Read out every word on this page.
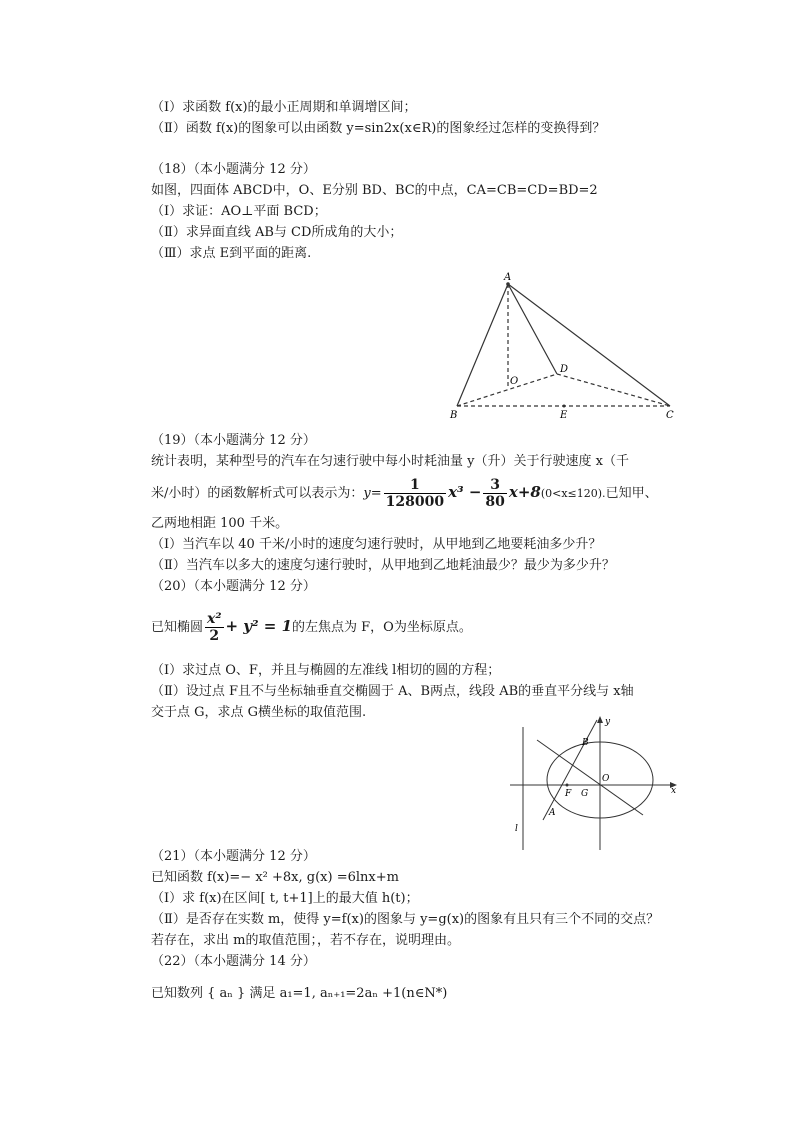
（Ⅰ）求函数 f(x)的最小正周期和单调增区间；
（Ⅱ）函数 f(x)的图象可以由函数 y=sin2x(x∈R)的图象经过怎样的变换得到？
（18）（本小题满分 12 分）
如图，四面体 ABCD中，O、E分别 BD、BC的中点，CA=CB=CD=BD=2
（Ⅰ）求证：AO⊥平面 BCD；
（Ⅱ）求异面直线 AB与 CD所成角的大小；
（Ⅲ）求点 E到平面的距离.
A
B	C
D
O
E
（19）（本小题满分 12 分）
统计表明，某种型号的汽车在匀速行驶中每小时耗油量 y（升）关于行驶速度 x（千
米/小时）的函数解析式可以表示为：$y= \frac{1}{128000} x^3 - \frac{3}{80} x+8(0<x\le 120)$.已知甲、
乙两地相距 100 千米。
（Ⅰ）当汽车以 40 千米/小时的速度匀速行驶时，从甲地到乙地要耗油多少升？
（Ⅱ）当汽车以多大的速度匀速行驶时，从甲地到乙地耗油最少？最少为多少升？
（20）（本小题满分 12 分）
已知椭圆 $\frac{\text{x²}}{2} + y^2 = 1$的左焦点为 F，O为坐标原点。
（Ⅰ）求过点 O、F，并且与椭圆的左准线 l相切的圆的方程；
（Ⅱ）设过点 F且不与坐标轴垂直交椭圆于 A、B两点，线段 AB的垂直平分线与 x轴
交于点 G，求点 G横坐标的取值范围.
y
x
B
O
F G
A
l
（21）（本小题满分 12 分）
已知函数 f(x)=− x² +8x, g(x) =6lnx+m
（Ⅰ）求 f(x)在区间[ t, t+1]上的最大值 h(t)；
（Ⅱ）是否存在实数 m，使得 y=f(x)的图象与 y=g(x)的图象有且只有三个不同的交点？
若存在，求出 m的取值范围；，若不存在，说明理由。
（22）（本小题满分 14 分）
已知数列 { aₙ } 满足 a₁=1, aₙ₊₁=2aₙ +1(n∈N*)
